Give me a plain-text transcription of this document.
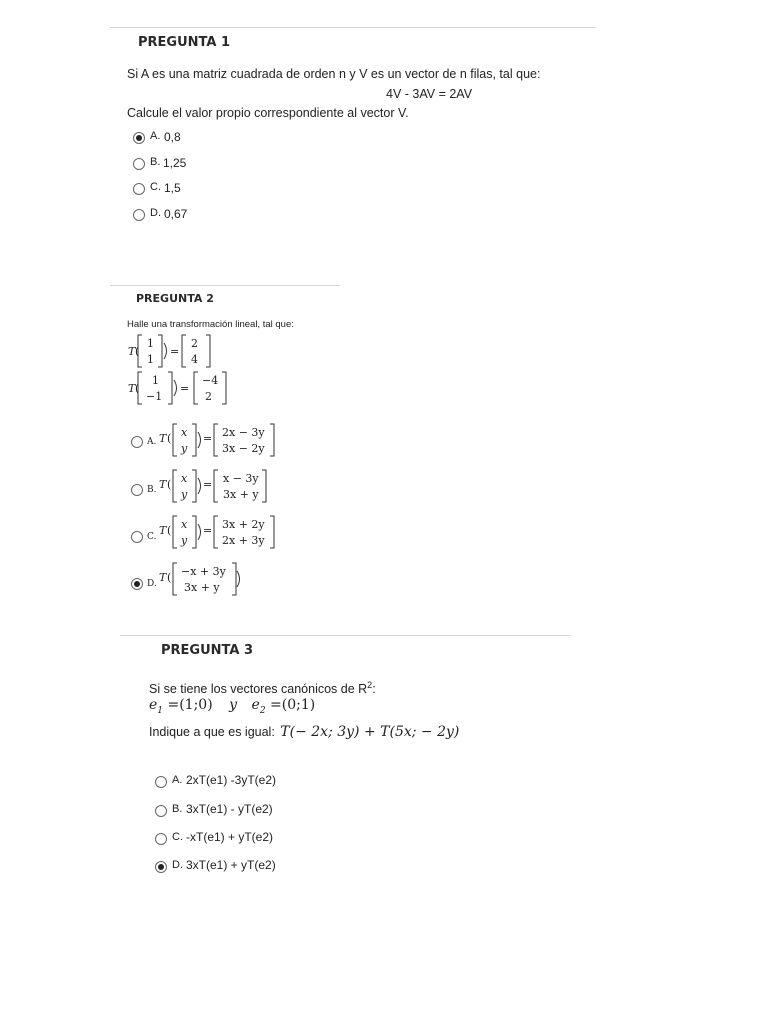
PREGUNTA 1
Si A es una matriz cuadrada de orden n y V es un vector de n filas, tal que:
4V - 3AV = 2AV
Calcule el valor propio correspondiente al vector V.
A. 0,8
B. 1,25
C. 1,5
D. 0,67
PREGUNTA 2
Halle una transformación lineal, tal que:
T (
1
1
=
2
4
T (
1
−1
=
−4
2
A. T ( x
y
= 2x − 3y
3x − 2y
B. T ( x
y
= x − 3y
3x + y
C. T ( x
y
= 3x + 2y
2x + 3y
D. T ( −x + 3y
3x + y
PREGUNTA 3
Si se tiene los vectores canónicos de $R^2$:
$e_1$ =(1;0) y $e_2$ =(0;1)
Indique a que es igual: T(− 2x; 3y) + T(5x; − 2y)
A. 2xT(e1) -3yT(e2)
B. 3xT(e1) - yT(e2)
C. -xT(e1) + yT(e2)
D. 3xT(e1) + yT(e2)
